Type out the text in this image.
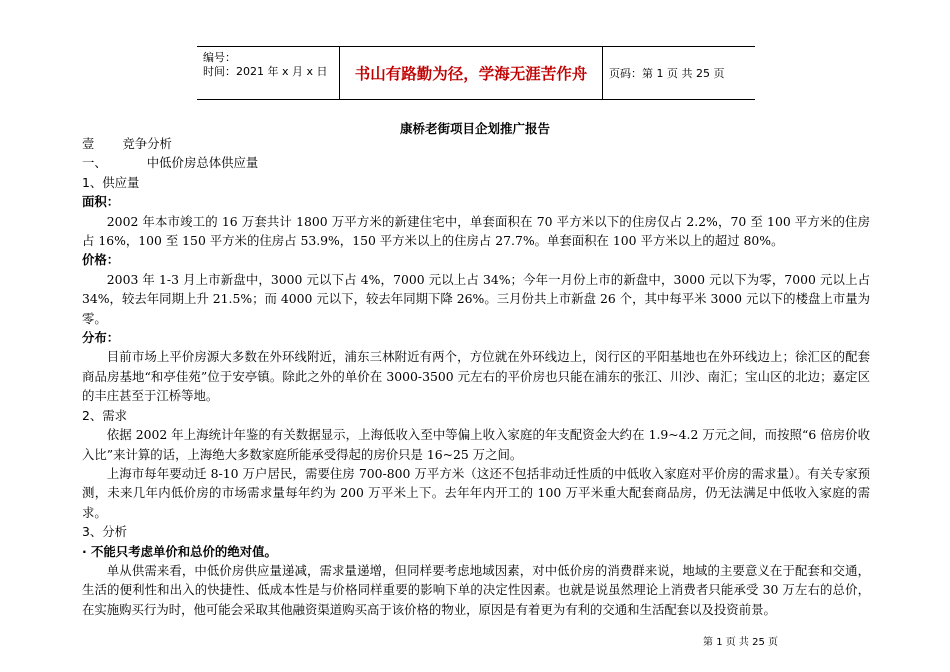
编号：
时间：2021 年 x 月 x 日	书山有路勤为径，学海无涯苦作舟	页码：第 1 页 共 25 页
康桥老街项目企划推广报告

壹 竞争分析

一、	中低价房总体供应量

1、供应量

面积：

2002 年本市竣工的 16 万套共计 1800 万平方米的新建住宅中，单套面积在 70 平方米以下的住房仅占 2.2%，70 至 100 平方米的住房占 16%，100 至 150 平方米的住房占 53.9%，150 平方米以上的住房占 27.7%。单套面积在 100 平方米以上的超过 80%。

价格：

2003 年 1-3 月上市新盘中，3000 元以下占 4%，7000 元以上占 34%；今年一月份上市的新盘中，3000 元以下为零，7000 元以上占 34%，较去年同期上升 21.5%；而 4000 元以下，较去年同期下降 26%。三月份共上市新盘 26 个，其中每平米 3000 元以下的楼盘上市量为零。

分布：

目前市场上平价房源大多数在外环线附近，浦东三林附近有两个，方位就在外环线边上，闵行区的平阳基地也在外环线边上；徐汇区的配套商品房基地“和亭佳苑”位于安亭镇。除此之外的单价在 3000-3500 元左右的平价房也只能在浦东的张江、川沙、南汇；宝山区的北边；嘉定区的丰庄甚至于江桥等地。

2、需求

依据 2002 年上海统计年鉴的有关数据显示，上海低收入至中等偏上收入家庭的年支配资金大约在 1.9~4.2 万元之间，而按照“6 倍房价收入比”来计算的话，上海绝大多数家庭所能承受得起的房价只是 16~25 万之间。

上海市每年要动迁 8-10 万户居民，需要住房 700-800 万平方米（这还不包括非动迁性质的中低收入家庭对平价房的需求量）。有关专家预测，未来几年内低价房的市场需求量每年约为 200 万平米上下。去年年内开工的 100 万平米重大配套商品房，仍无法满足中低收入家庭的需求。

3、分析

· 不能只考虑单价和总价的绝对值。

单从供需来看，中低价房供应量递减，需求量递增，但同样要考虑地域因素，对中低价房的消费群来说，地域的主要意义在于配套和交通，生活的便利性和出入的快捷性、低成本性是与价格同样重要的影响下单的决定性因素。也就是说虽然理论上消费者只能承受 30 万左右的总价，在实施购买行为时，他可能会采取其他融资渠道购买高于该价格的物业，原因是有着更为有利的交通和生活配套以及投资前景。

第 1 页 共 25 页
